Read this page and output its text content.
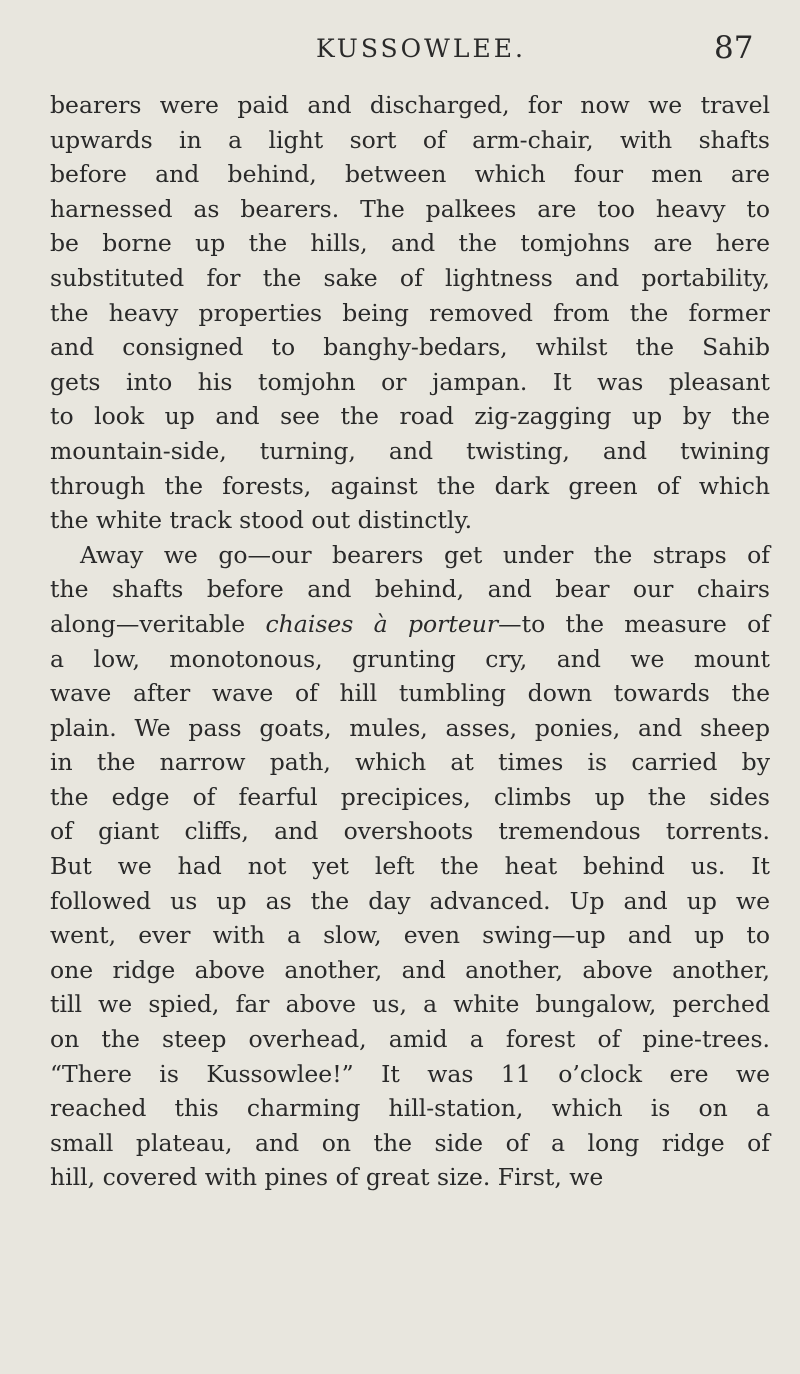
KUSSOWLEE.	87
bearers were paid and discharged, for now we travel
upwards in a light sort of arm-chair, with shafts
before and behind, between which four men are
harnessed as bearers. The palkees are too heavy to
be borne up the hills, and the tomjohns are here
substituted for the sake of lightness and portability,
the heavy properties being removed from the former
and consigned to banghy-bedars, whilst the Sahib
gets into his tomjohn or jampan. It was pleasant
to look up and see the road zig-zagging up by the
mountain-side, turning, and twisting, and twining
through the forests, against the dark green of which
the white track stood out distinctly.
Away we go—our bearers get under the straps of
the shafts before and behind, and bear our chairs
along—veritable chaises à porteur—to the measure of
a low, monotonous, grunting cry, and we mount
wave after wave of hill tumbling down towards the
plain. We pass goats, mules, asses, ponies, and sheep
in the narrow path, which at times is carried by
the edge of fearful precipices, climbs up the sides
of giant cliffs, and overshoots tremendous torrents.
But we had not yet left the heat behind us. It
followed us up as the day advanced. Up and up we
went, ever with a slow, even swing—up and up to
one ridge above another, and another, above another,
till we spied, far above us, a white bungalow, perched
on the steep overhead, amid a forest of pine-trees.
“There is Kussowlee!” It was 11 o’clock ere we
reached this charming hill-station, which is on a
small plateau, and on the side of a long ridge of
hill, covered with pines of great size. First, we
